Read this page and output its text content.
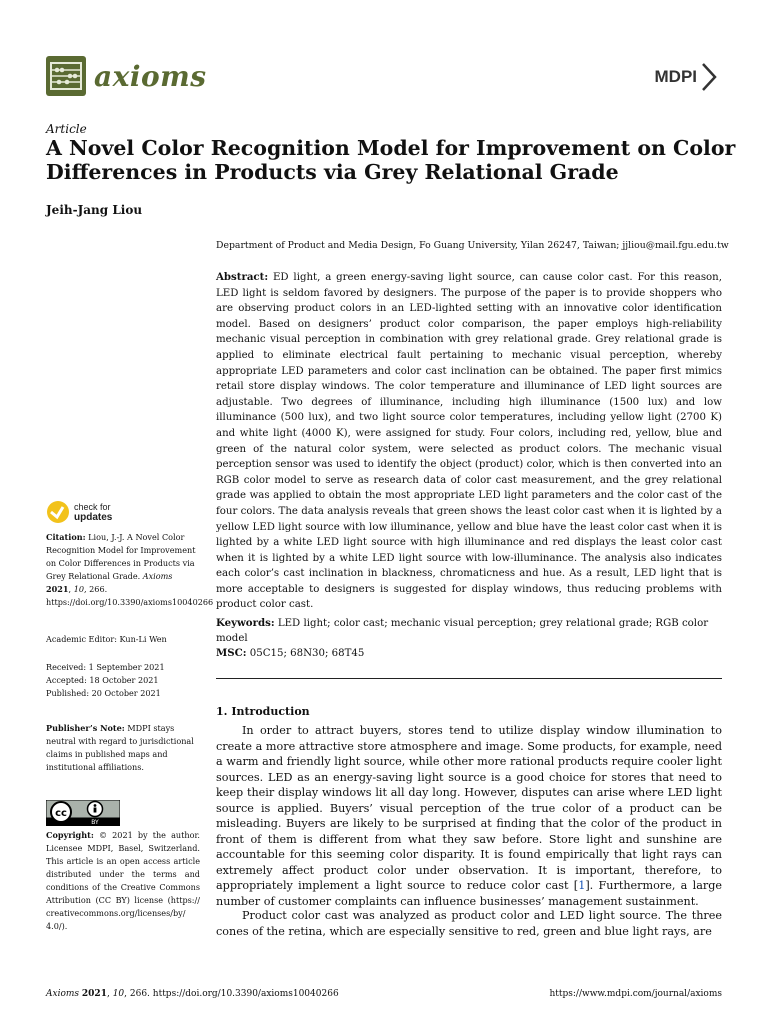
axioms	MDPI
Article
A Novel Color Recognition Model for Improvement on Color Differences in Products via Grey Relational Grade
Jeih-Jang Liou
Department of Product and Media Design, Fo Guang University, Yilan 26247, Taiwan; jjliou@mail.fgu.edu.tw

Abstract: ED light, a green energy-saving light source, can cause color cast. For this reason, LED light is seldom favored by designers. The purpose of the paper is to provide shoppers who are observing product colors in an LED-lighted setting with an innovative color identification model. Based on designers’ product color comparison, the paper employs high-reliability mechanic visual perception in combination with grey relational grade. Grey relational grade is applied to eliminate electrical fault pertaining to mechanic visual perception, whereby appropriate LED parameters and color cast inclination can be obtained. The paper first mimics retail store display windows. The color temperature and illuminance of LED light sources are adjustable. Two degrees of illuminance, including high illuminance (1500 lux) and low illuminance (500 lux), and two light source color temperatures, including yellow light (2700 K) and white light (4000 K), were assigned for study. Four colors, including red, yellow, blue and green of the natural color system, were selected as product colors. The mechanic visual perception sensor was used to identify the object (product) color, which is then converted into an RGB color model to serve as research data of color cast measurement, and the grey relational grade was applied to obtain the most appropriate LED light parameters and the color cast of the four colors. The data analysis reveals that green shows the least color cast when it is lighted by a yellow LED light source with low illuminance, yellow and blue have the least color cast when it is lighted by a white LED light source with high illuminance and red displays the least color cast when it is lighted by a white LED light source with low-illuminance. The analysis also indicates each color’s cast inclination in blackness, chromaticness and hue. As a result, LED light that is more acceptable to designers is suggested for display windows, thus reducing problems with product color cast.

Keywords: LED light; color cast; mechanic visual perception; grey relational grade; RGB color model
MSC: 05C15; 68N30; 68T45
1. Introduction

In order to attract buyers, stores tend to utilize display window illumination to create a more attractive store atmosphere and image. Some products, for example, need a warm and friendly light source, while other more rational products require cooler light sources. LED as an energy-saving light source is a good choice for stores that need to keep their display windows lit all day long. However, disputes can arise where LED light source is applied. Buyers’ visual perception of the true color of a product can be misleading. Buyers are likely to be surprised at finding that the color of the product in front of them is different from what they saw before. Store light and sunshine are accountable for this seeming color disparity. It is found empirically that light rays can extremely affect product color under observation. It is important, therefore, to appropriately implement a light source to reduce color cast [1]. Furthermore, a large number of customer complaints can influence businesses’ management sustainment.

Product color cast was analyzed as product color and LED light source. The three cones of the retina, which are especially sensitive to red, green and blue light rays, are

check for
updates
Citation: Liou, J.-J. A Novel Color Recognition Model for Improvement on Color Differences in Products via Grey Relational Grade. Axioms 2021, 10, 266. https://doi.org/10.3390/axioms10040266
Academic Editor: Kun-Li Wen
Received: 1 September 2021
Accepted: 18 October 2021
Published: 20 October 2021
Publisher’s Note: MDPI stays neutral with regard to jurisdictional claims in published maps and institutional affiliations.
cc
BY
Copyright: © 2021 by the author. Licensee MDPI, Basel, Switzerland. This article is an open access article distributed under the terms and conditions of the Creative Commons Attribution (CC BY) license (https:// creativecommons.org/licenses/by/ 4.0/).
Axioms 2021, 10, 266. https://doi.org/10.3390/axioms10040266	https://www.mdpi.com/journal/axioms
